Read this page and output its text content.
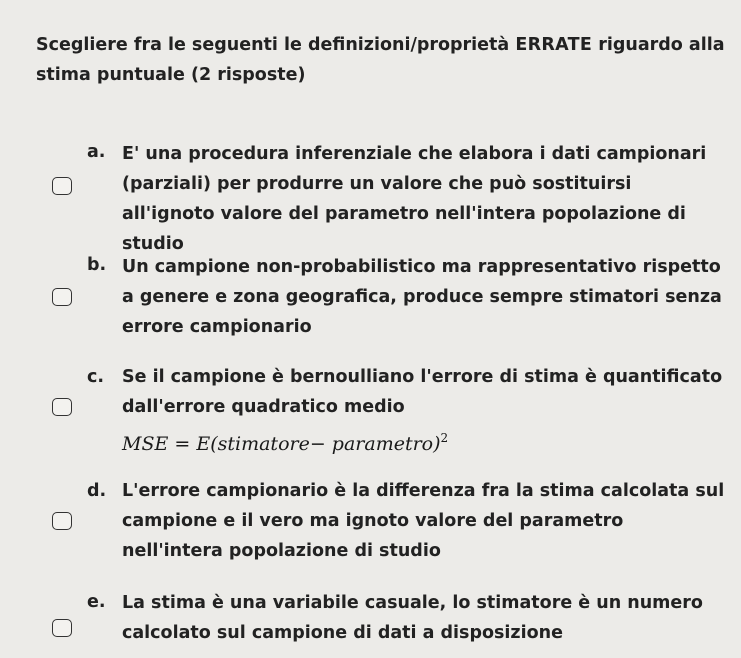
Scegliere fra le seguenti le definizioni/proprietà ERRATE riguardo alla stima puntuale (2 risposte)
a. E' una procedura inferenziale che elabora i dati campionari (parziali) per produrre un valore che può sostituirsi all'ignoto valore del parametro nell'intera popolazione di studio
b. Un campione non-probabilistico ma rappresentativo rispetto a genere e zona geografica, produce sempre stimatori senza errore campionario
c. Se il campione è bernoulliano l'errore di stima è quantificato dall'errore quadratico medio
MSE = E(stimatore− parametro)$^2$
d. L'errore campionario è la differenza fra la stima calcolata sul campione e il vero ma ignoto valore del parametro nell'intera popolazione di studio
e. La stima è una variabile casuale, lo stimatore è un numero calcolato sul campione di dati a disposizione
